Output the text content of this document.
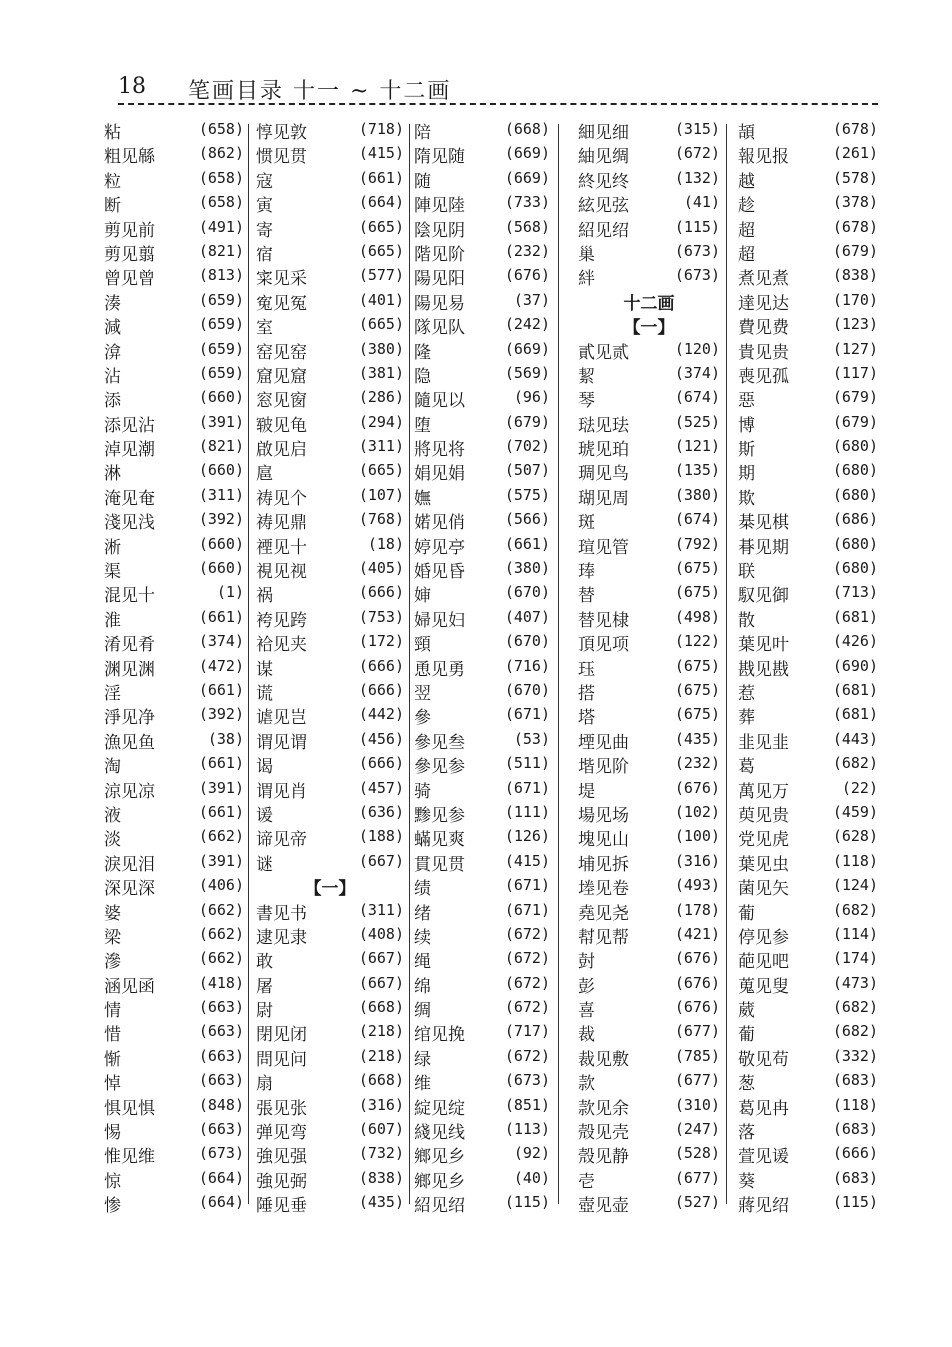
18 笔画目录 十一 ~ 十二画
粘	(658)
粗见緜	(862)
粒	(658)
断	(658)
剪见前	(491)
剪见翦	(821)
曾见曾	(813)
湊	(659)
減	(659)
渰	(659)
沾	(659)
添	(660)
添见沾	(391)
淖见潮	(821)
淋	(660)
淹见奄	(311)
淺见浅	(392)
淅	(660)
渠	(660)
混见十	(1)
淮	(661)
淆见肴	(374)
渊见渊	(472)
淫	(661)
淨见净	(392)
漁见鱼	(38)
淘	(661)
涼见凉	(391)
液	(661)
淡	(662)
淚见泪	(391)
深见深	(406)
婆	(662)
梁	(662)
滲	(662)
涵见函	(418)
情	(663)
惜	(663)
惭	(663)
悼	(663)
惧见惧	(848)
惕	(663)
惟见维	(673)
惊	(664)
惨	(664)
惇见敦	(718)
惯见贯	(415)
寇	(661)
寅	(664)
寄	(665)
宿	(665)
寀见采	(577)
寃见冤	(401)
室	(665)
窑见窑	(380)
窟见窟	(381)
窓见窗	(286)
皲见龟	(294)
啟见启	(311)
扈	(665)
祷见个	(107)
祷见鼎	(768)
禋见十	(18)
視见视	(405)
祸	(666)
袴见跨	(753)
袷见夹	(172)
谋	(666)
谎	(666)
谑见岂	(442)
谓见谓	(456)
谒	(666)
谓见肖	(457)
谖	(636)
谛见帝	(188)
谜	(667)
【一】
書见书	(311)
逮见隶	(408)
敢	(667)
屠	(667)
尉	(668)
閉见闭	(218)
問见问	(218)
扇	(668)
張见张	(316)
弹见弯	(607)
強见强	(732)
強见弼	(838)
陲见垂	(435)
陪	(668)
隋见随	(669)
随	(669)
陣见陸	(733)
陰见阴	(568)
階见阶	(232)
陽见阳	(676)
陽见易	(37)
隊见队	(242)
隆	(669)
隐	(569)
隨见以	(96)
堕	(679)
將见将	(702)
娟见娟	(507)
嫵	(575)
婼见俏	(566)
婷见亭	(661)
婚见昏	(380)
婶	(670)
婦见妇	(407)
頸	(670)
恿见勇	(716)
翌	(670)
參	(671)
參见叁	(53)
參见参	(511)
骑	(671)
黪见参	(111)
蟎见爽	(126)
貫见贯	(415)
绩	(671)
绪	(671)
续	(672)
绳	(672)
绵	(672)
绸	(672)
绾见挽	(717)
绿	(672)
维	(673)
綻见绽	(851)
綫见线	(113)
鄉见乡	(92)
鄉见乡	(40)
紹见绍	(115)
細见细	(315)
紬见绸	(672)
終见终	(132)
絃见弦	(41)
紹见绍	(115)
巢	(673)
絆	(673)
十二画
【一】
貳见贰	(120)
絜	(374)
琴	(674)
琺见珐	(525)
琥见珀	(121)
琱见鸟	(135)
瑚见周	(380)
斑	(674)
瑄见管	(792)
琫	(675)
替	(675)
替见棣	(498)
頂见项	(122)
珏	(675)
搭	(675)
塔	(675)
堙见曲	(435)
堦见阶	(232)
堤	(676)
場见场	(102)
塊见山	(100)
埔见拆	(316)
堘见卷	(493)
堯见尧	(178)
幇见帮	(421)
尌	(676)
彭	(676)
喜	(676)
裁	(677)
裁见敷	(785)
款	(677)
款见余	(310)
殻见壳	(247)
殼见静	(528)
壱	(677)
壺见壶	(527)
頡	(678)
報见报	(261)
越	(578)
趁	(378)
超	(678)
超	(679)
煮见煮	(838)
達见达	(170)
費见费	(123)
貴见贵	(127)
喪见孤	(117)
惡	(679)
博	(679)
斯	(680)
期	(680)
欺	(680)
棊见棋	(686)
朞见期	(680)
联	(680)
馭见御	(713)
散	(681)
葉见叶	(426)
戡见戡	(690)
惹	(681)
葬	(681)
韭见韭	(443)
葛	(682)
萬见万	(22)
萸见贵	(459)
党见虎	(628)
葉见虫	(118)
菌见矢	(124)
葡	(682)
停见参	(114)
葩见吧	(174)
蒐见叟	(473)
葳	(682)
葡	(682)
敬见苟	(332)
葱	(683)
葛见冉	(118)
落	(683)
萱见谖	(666)
葵	(683)
蔣见绍	(115)
